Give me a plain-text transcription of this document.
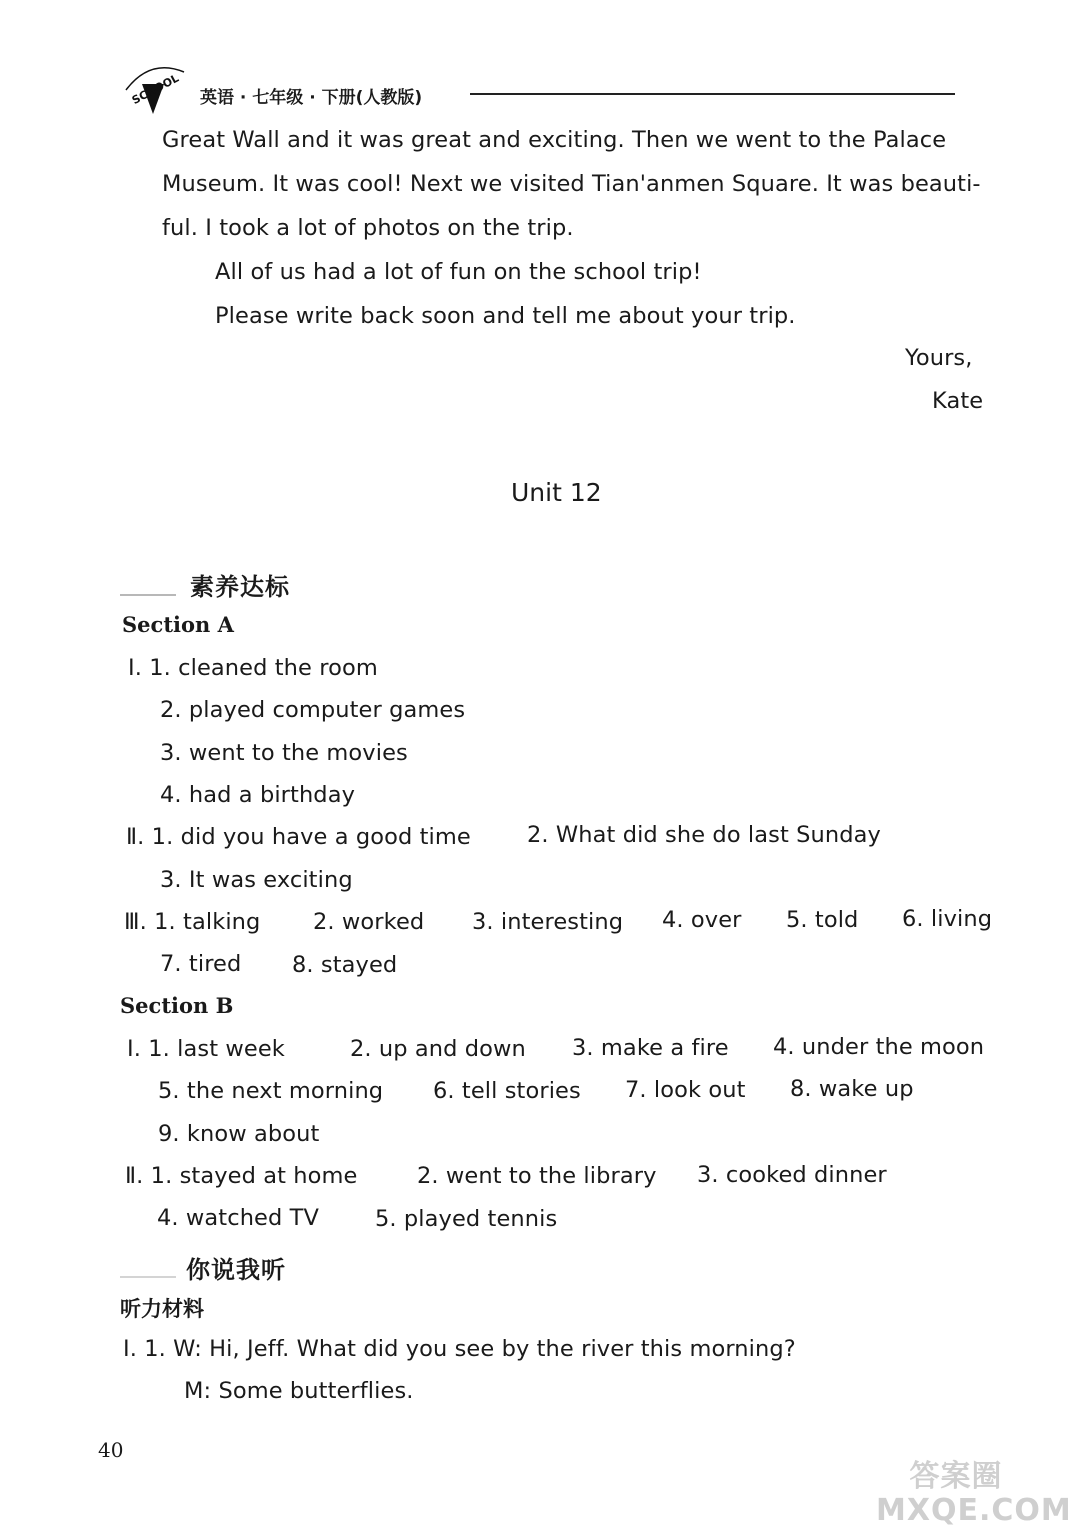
SCHOOL 英语 · 七年级 · 下册(人教版)
Great Wall and it was great and exciting. Then we went to the Palace
Museum. It was cool! Next we visited Tian'anmen Square. It was beauti-
ful. I took a lot of photos on the trip.
All of us had a lot of fun on the school trip!
Please write back soon and tell me about your trip.
Yours,
Kate
Unit 12
素养达标
Section A
Ⅰ. 1. cleaned the room
2. played computer games
3. went to the movies
4. had a birthday
Ⅱ. 1. did you have a good time 2. What did she do last Sunday
3. It was exciting
Ⅲ. 1. talking 2. worked 3. interesting 4. over 5. told 6. living
7. tired 8. stayed
Section B
Ⅰ. 1. last week	2. up and down 3. make a fire 4. under the moon
5. the next morning 6. tell stories 7. look out 8. wake up
9. know about
Ⅱ. 1. stayed at home	2. went to the library 3. cooked dinner
4. watched TV 5. played tennis
你说我听
听力材料
Ⅰ. 1. W: Hi, Jeff. What did you see by the river this morning?
M: Some butterflies.
40
答案圈 MXQE.COM
